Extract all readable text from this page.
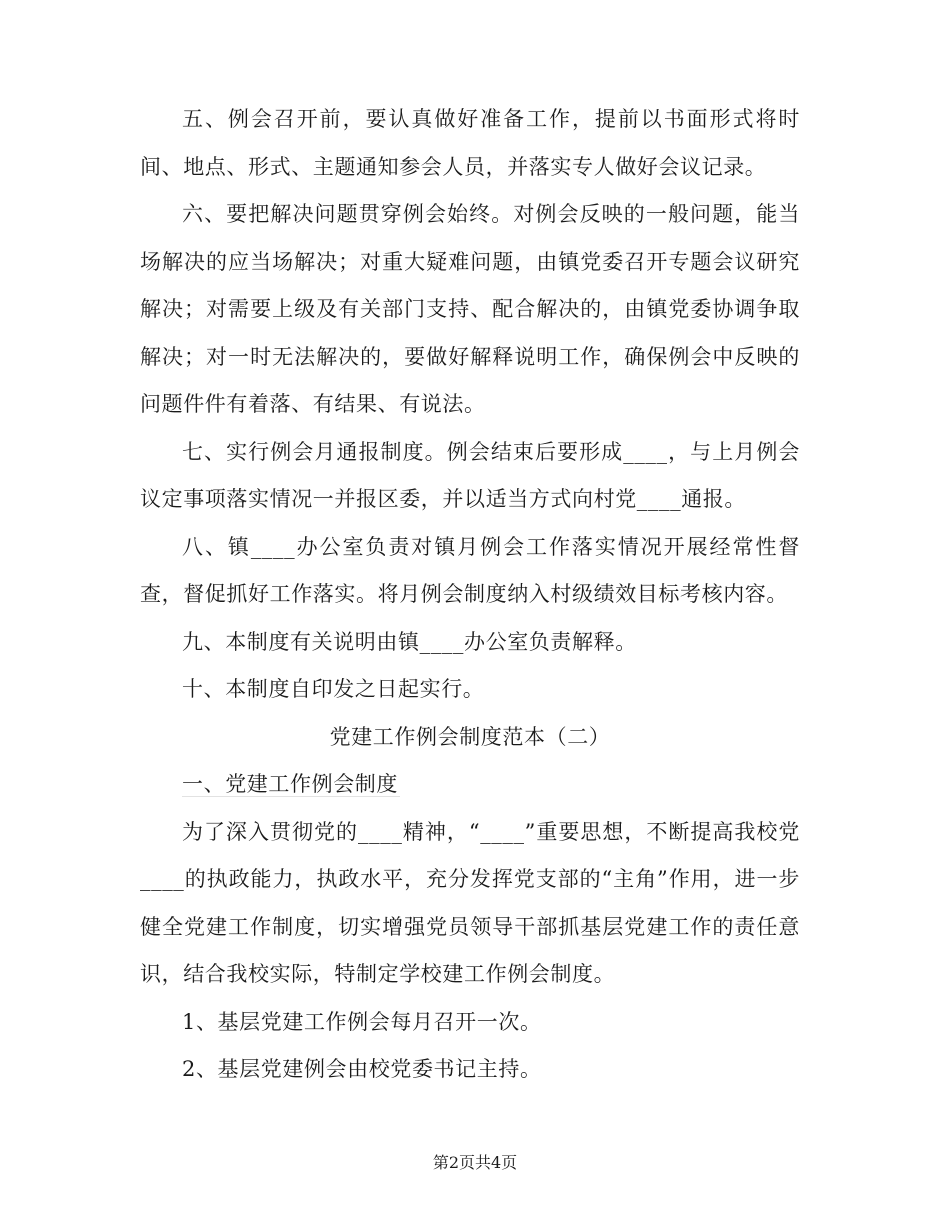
五、例会召开前，要认真做好准备工作，提前以书面形式将时间、地点、形式、主题通知参会人员，并落实专人做好会议记录。

六、要把解决问题贯穿例会始终。对例会反映的一般问题，能当场解决的应当场解决；对重大疑难问题，由镇党委召开专题会议研究解决；对需要上级及有关部门支持、配合解决的，由镇党委协调争取解决；对一时无法解决的，要做好解释说明工作，确保例会中反映的问题件件有着落、有结果、有说法。

七、实行例会月通报制度。例会结束后要形成____，与上月例会议定事项落实情况一并报区委，并以适当方式向村党____通报。

八、镇____办公室负责对镇月例会工作落实情况开展经常性督查，督促抓好工作落实。将月例会制度纳入村级绩效目标考核内容。

九、本制度有关说明由镇____办公室负责解释。

十、本制度自印发之日起实行。

党建工作例会制度范本（二）

一、党建工作例会制度

为了深入贯彻党的____精神，“____”重要思想，不断提高我校党____的执政能力，执政水平，充分发挥党支部的“主角”作用，进一步健全党建工作制度，切实增强党员领导干部抓基层党建工作的责任意识，结合我校实际，特制定学校建工作例会制度。

1、基层党建工作例会每月召开一次。

2、基层党建例会由校党委书记主持。

第2页共4页
